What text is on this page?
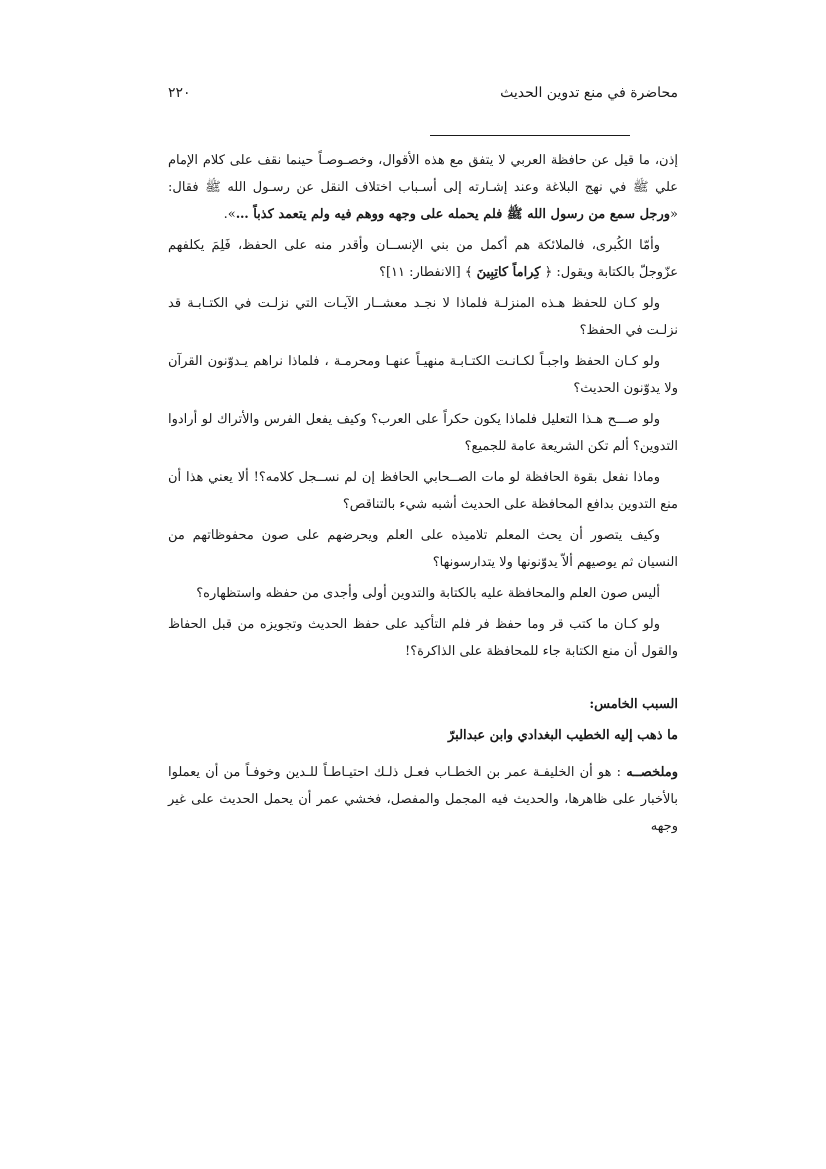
محاضرة في منع تدوين الحديث
٢٢٠

إذن، ما قيل عن حافظة العربي لا يتفق مع هذه الأقوال، وخصـوصـاً حينما نقف على كلام الإمام علي ﷺ في نهج البلاغة وعند إشـارته إلى أسـباب اختلاف النقل عن رسـول الله ﷺ فقال: «ورجل سمع من رسول الله ﷺ فلم يحمله على وجهه ووهم فيه ولم يتعمد كذباً …».

وأمّا الكُبرى، فالملائكة هم أكمل من بني الإنســان وأقدر منه على الحفظ، فَلِمَ يكلفهم عزّوجلّ بالكتابة ويقول: ﴿ كِراماً كاتِبِينَ ﴾ [الانفطار: ١١]؟

ولو كـان للحفظ هـذه المنزلـة فلماذا لا نجـد معشــار الآيـات التي نزلـت في الكتـابـة قد نزلـت في الحفظ؟

ولو كـان الحفظ واجبـاً لكـانـت الكتـابـة منهيـاً عنهـا ومحرمـة ، فلماذا نراهم يـدوّنون القرآن ولا يدوّنون الحديث؟

ولو صـــح هـذا التعليل فلماذا يكون حكراً على العرب؟ وكيف يفعل الفرس والأتراك لو أرادوا التدوين؟ ألم تكن الشريعة عامة للجميع؟

وماذا نفعل بقوة الحافظة لو مات الصــحابي الحافظ إن لم نســجل كلامه؟! ألا يعني هذا أن منع التدوين بدافع المحافظة على الحديث أشبه شيء بالتناقص؟

وكيف يتصور أن يحث المعلم تلاميذه على العلم ويحرضهم على صون محفوظاتهم من النسيان ثم يوصيهم ألاّ يدوّنونها ولا يتدارسونها؟

أليس صون العلم والمحافظة عليه بالكتابة والتدوين أولى وأجدى من حفظه واستظهاره؟

ولو كـان ما كتب قر وما حفظ فر فلم التأكيد على حفظ الحديث وتجويزه من قبل الحفاظ والقول أن منع الكتابة جاء للمحافظة على الذاكرة؟!

السبب الخامس:

ما ذهب إليه الخطيب البغدادي وابن عبدالبرّ

وملخصــه : هو أن الخليفـة عمر بن الخطـاب فعـل ذلـك احتيـاطـاً للـدين وخوفـاً من أن يعملوا بالأخبار على ظاهرها، والحديث فيه المجمل والمفصل، فخشي عمر أن يحمل الحديث على غير وجهه
